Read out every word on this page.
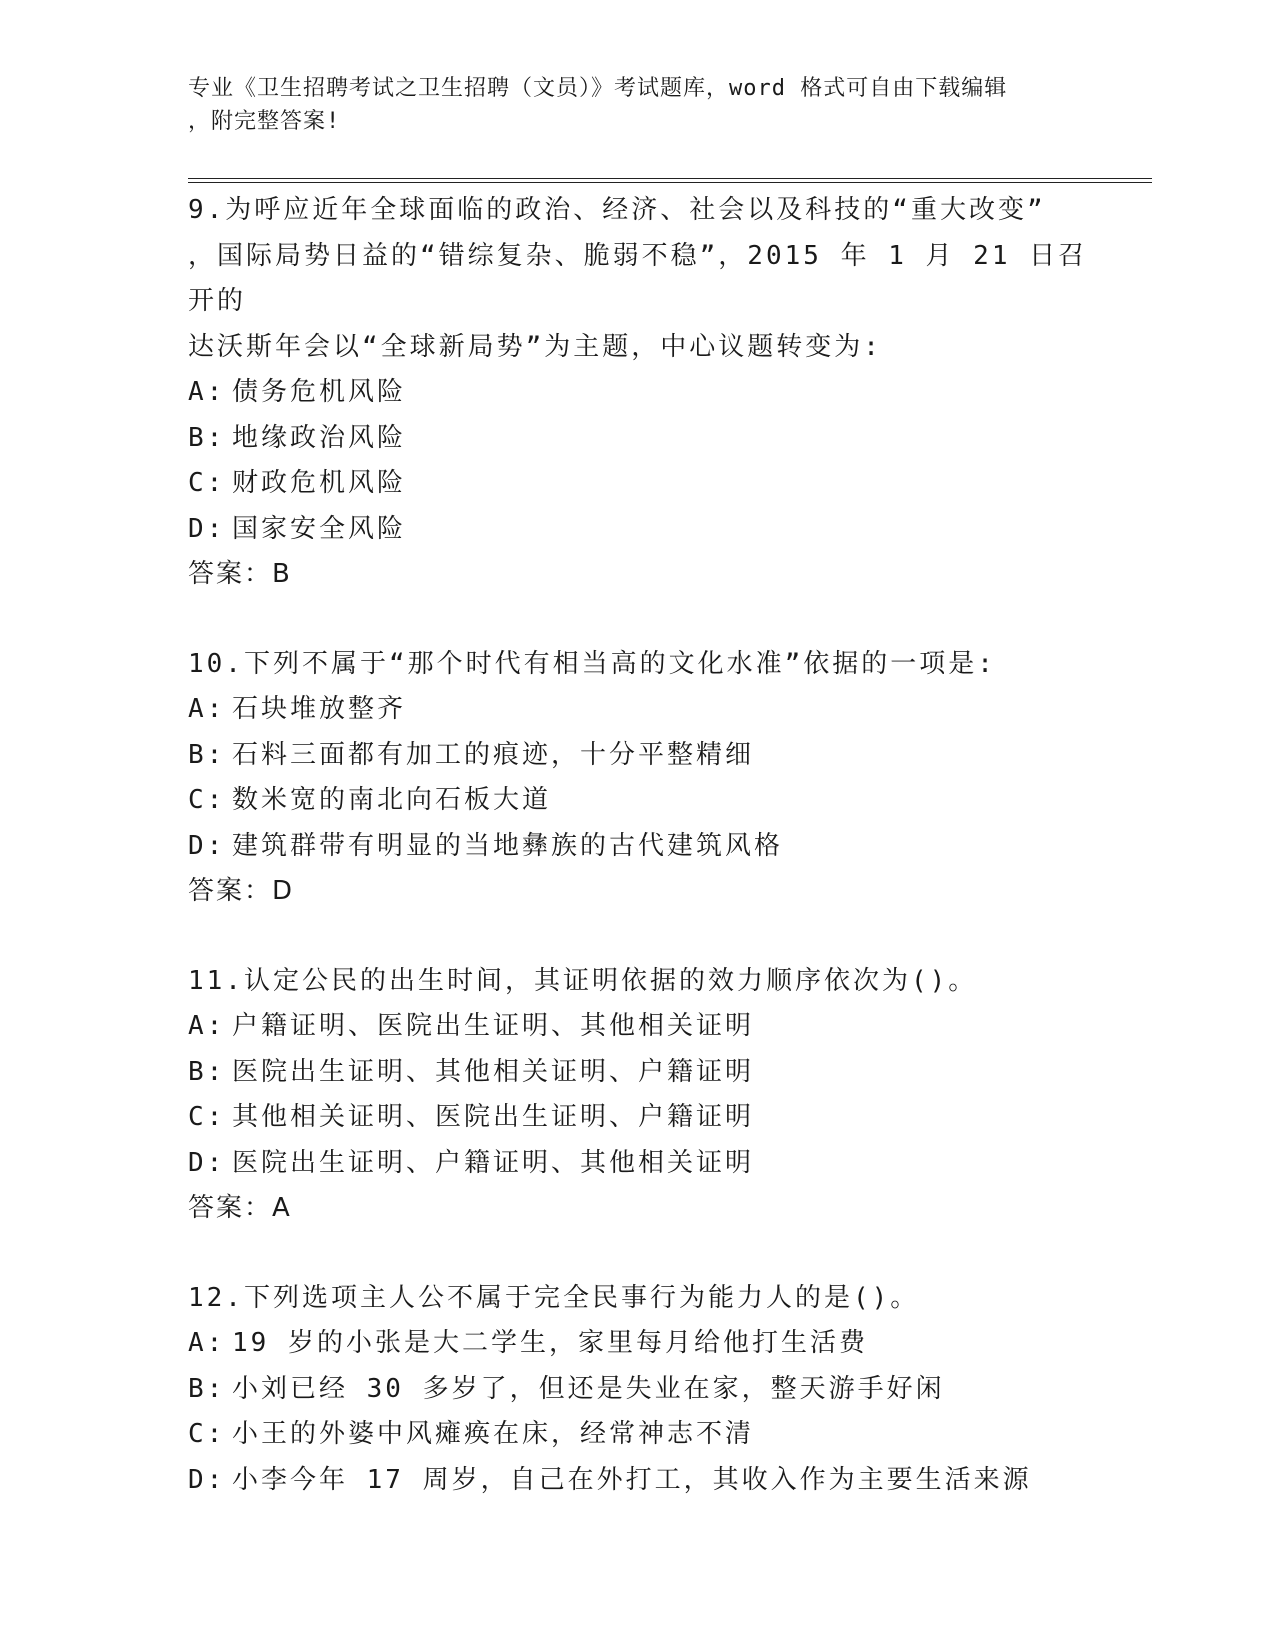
专业《卫生招聘考试之卫生招聘（文员）》考试题库，word 格式可自由下载编辑
，附完整答案!

9.为呼应近年全球面临的政治、经济、社会以及科技的“重大改变”

，国际局势日益的“错综复杂、脆弱不稳”，2015 年 1 月 21 日召开的

达沃斯年会以“全球新局势”为主题，中心议题转变为:

A: 债务危机风险

B: 地缘政治风险

C: 财政危机风险

D: 国家安全风险

答案：B

10.下列不属于“那个时代有相当高的文化水准”依据的一项是:

A: 石块堆放整齐

B: 石料三面都有加工的痕迹，十分平整精细

C: 数米宽的南北向石板大道

D: 建筑群带有明显的当地彝族的古代建筑风格

答案：D

11.认定公民的出生时间，其证明依据的效力顺序依次为()。

A: 户籍证明、医院出生证明、其他相关证明

B: 医院出生证明、其他相关证明、户籍证明

C: 其他相关证明、医院出生证明、户籍证明

D: 医院出生证明、户籍证明、其他相关证明

答案：A

12.下列选项主人公不属于完全民事行为能力人的是()。

A: 19 岁的小张是大二学生，家里每月给他打生活费

B: 小刘已经 30 多岁了，但还是失业在家，整天游手好闲

C: 小王的外婆中风瘫痪在床，经常神志不清

D: 小李今年 17 周岁，自己在外打工，其收入作为主要生活来源
